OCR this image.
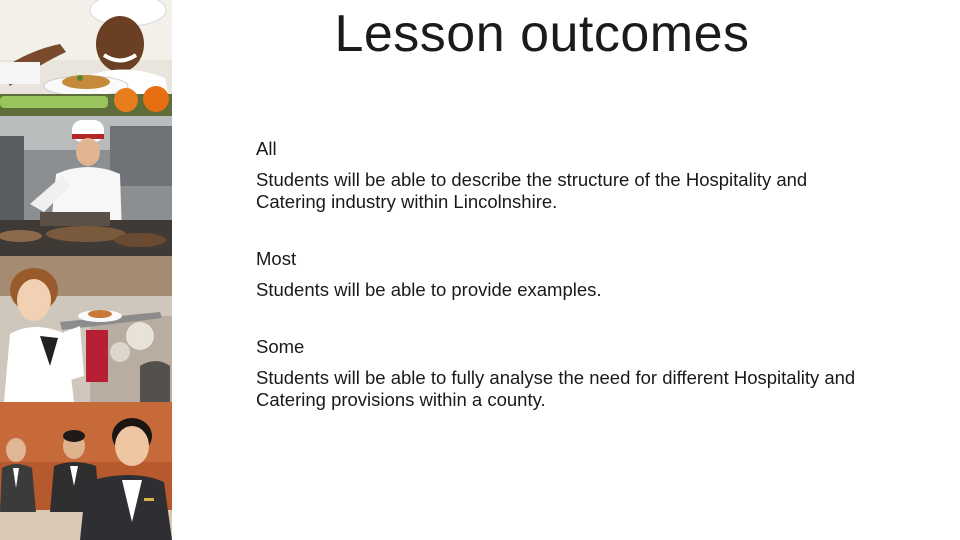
Lesson outcomes

All

Students will be able to describe the structure of the Hospitality and Catering industry within Lincolnshire.

Most

Students will be able to provide examples.

Some

Students will be able to fully analyse the need for different Hospitality and Catering provisions within a county.
